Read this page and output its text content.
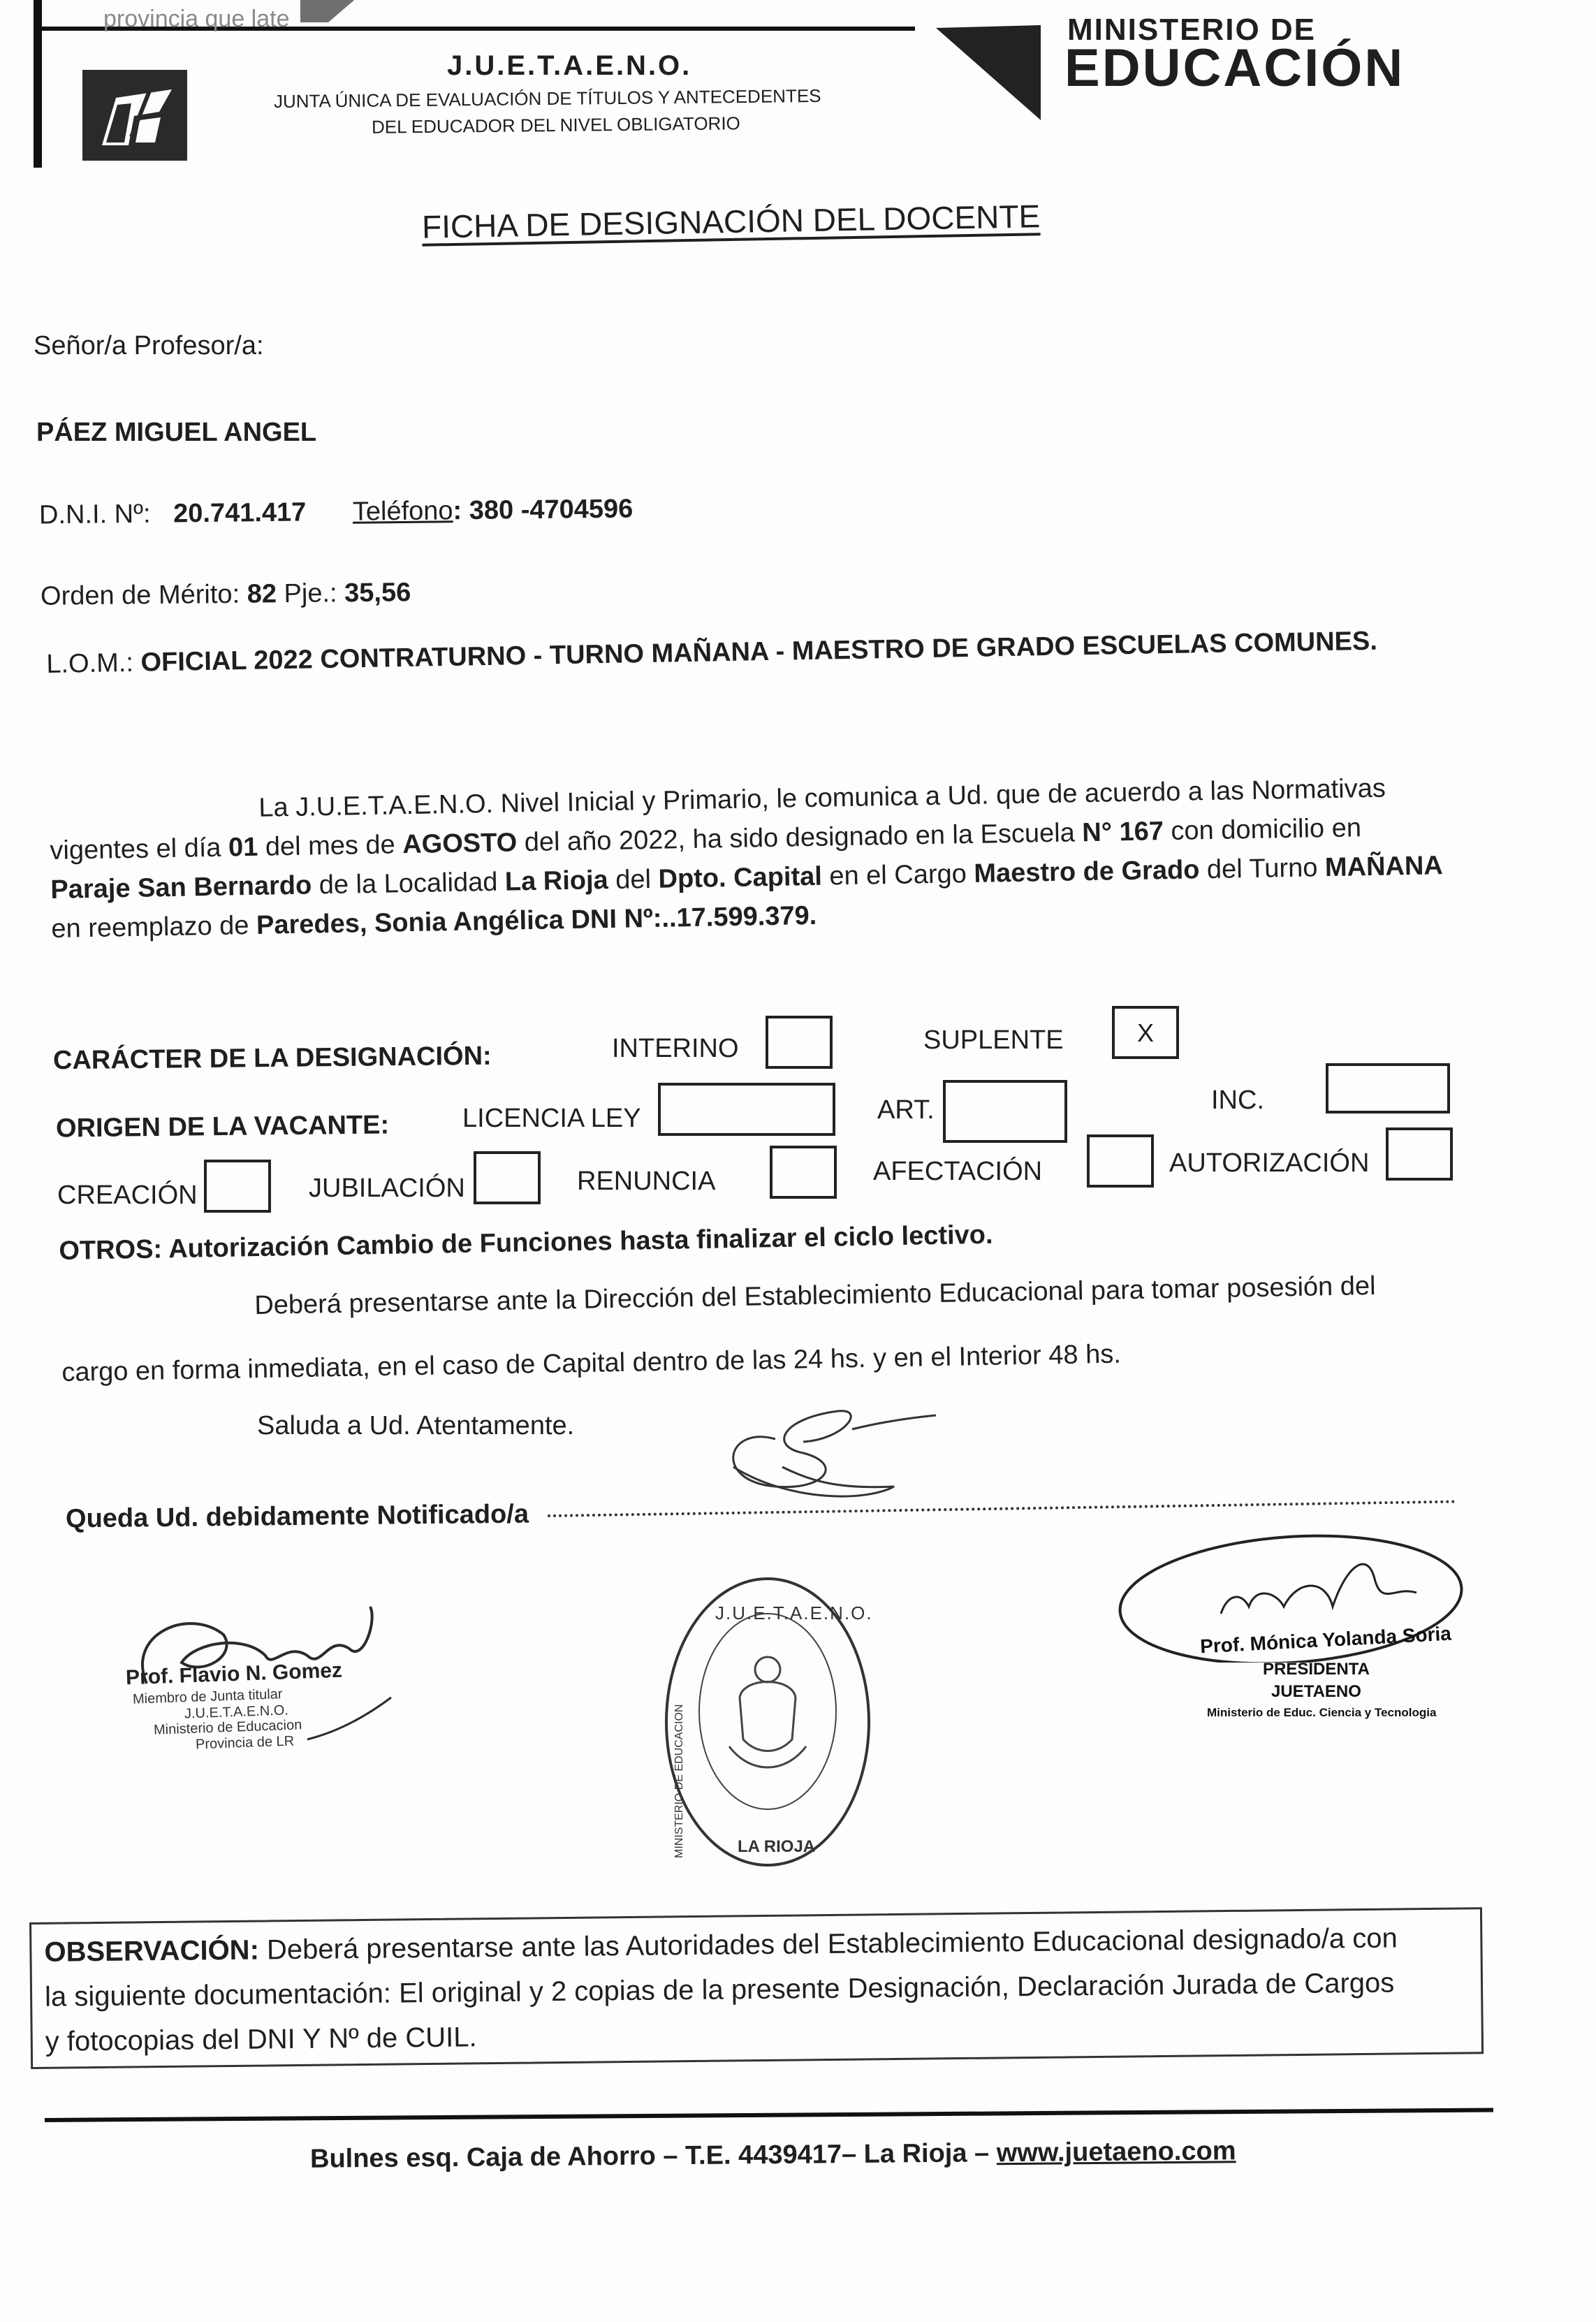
provincia que late
J.U.E.T.A.E.N.O.
JUNTA ÚNICA DE EVALUACIÓN DE TÍTULOS Y ANTECEDENTES
DEL EDUCADOR DEL NIVEL OBLIGATORIO
MINISTERIO DE
EDUCACIÓN
FICHA DE DESIGNACIÓN DEL DOCENTE
Señor/a Profesor/a:
PÁEZ MIGUEL ANGEL
D.N.I. Nº: 20.741.417 Teléfono: 380 -4704596
Orden de Mérito: 82 Pje.: 35,56
L.O.M.: OFICIAL 2022 CONTRATURNO - TURNO MAÑANA - MAESTRO DE GRADO ESCUELAS COMUNES.
La J.U.E.T.A.E.N.O. Nivel Inicial y Primario, le comunica a Ud. que de acuerdo a las Normativas
vigentes el día 01 del mes de AGOSTO del año 2022, ha sido designado en la Escuela N° 167 con domicilio en
Paraje San Bernardo de la Localidad La Rioja del Dpto. Capital en el Cargo Maestro de Grado del Turno MAÑANA
en reemplazo de Paredes, Sonia Angélica DNI Nº:..17.599.379.
CARÁCTER DE LA DESIGNACIÓN:	INTERINO	SUPLENTE	X
ORIGEN DE LA VACANTE:	LICENCIA LEY	ART.	INC.
CREACIÓN	JUBILACIÓN	RENUNCIA	AFECTACIÓN	AUTORIZACIÓN
OTROS: Autorización Cambio de Funciones hasta finalizar el ciclo lectivo.
Deberá presentarse ante la Dirección del Establecimiento Educacional para tomar posesión del
cargo en forma inmediata, en el caso de Capital dentro de las 24 hs. y en el Interior 48 hs.
Saluda a Ud. Atentamente.
Queda Ud. debidamente Notificado/a
Prof. Flavio N. Gomez
Miembro de Junta titular
J.U.E.T.A.E.N.O.
Ministerio de Educacion
Provincia de LR
J.U.E.T.A.E.N.O.
MINISTERIO DE EDUCACION	LA RIOJA
Prof. Mónica Yolanda Soria
PRESIDENTA
JUETAENO
Ministerio de Educ. Ciencia y Tecnologia
OBSERVACIÓN: Deberá presentarse ante las Autoridades del Establecimiento Educacional designado/a con
la siguiente documentación: El original y 2 copias de la presente Designación, Declaración Jurada de Cargos
y fotocopias del DNI Y Nº de CUIL.
Bulnes esq. Caja de Ahorro – T.E. 4439417– La Rioja – www.juetaeno.com
